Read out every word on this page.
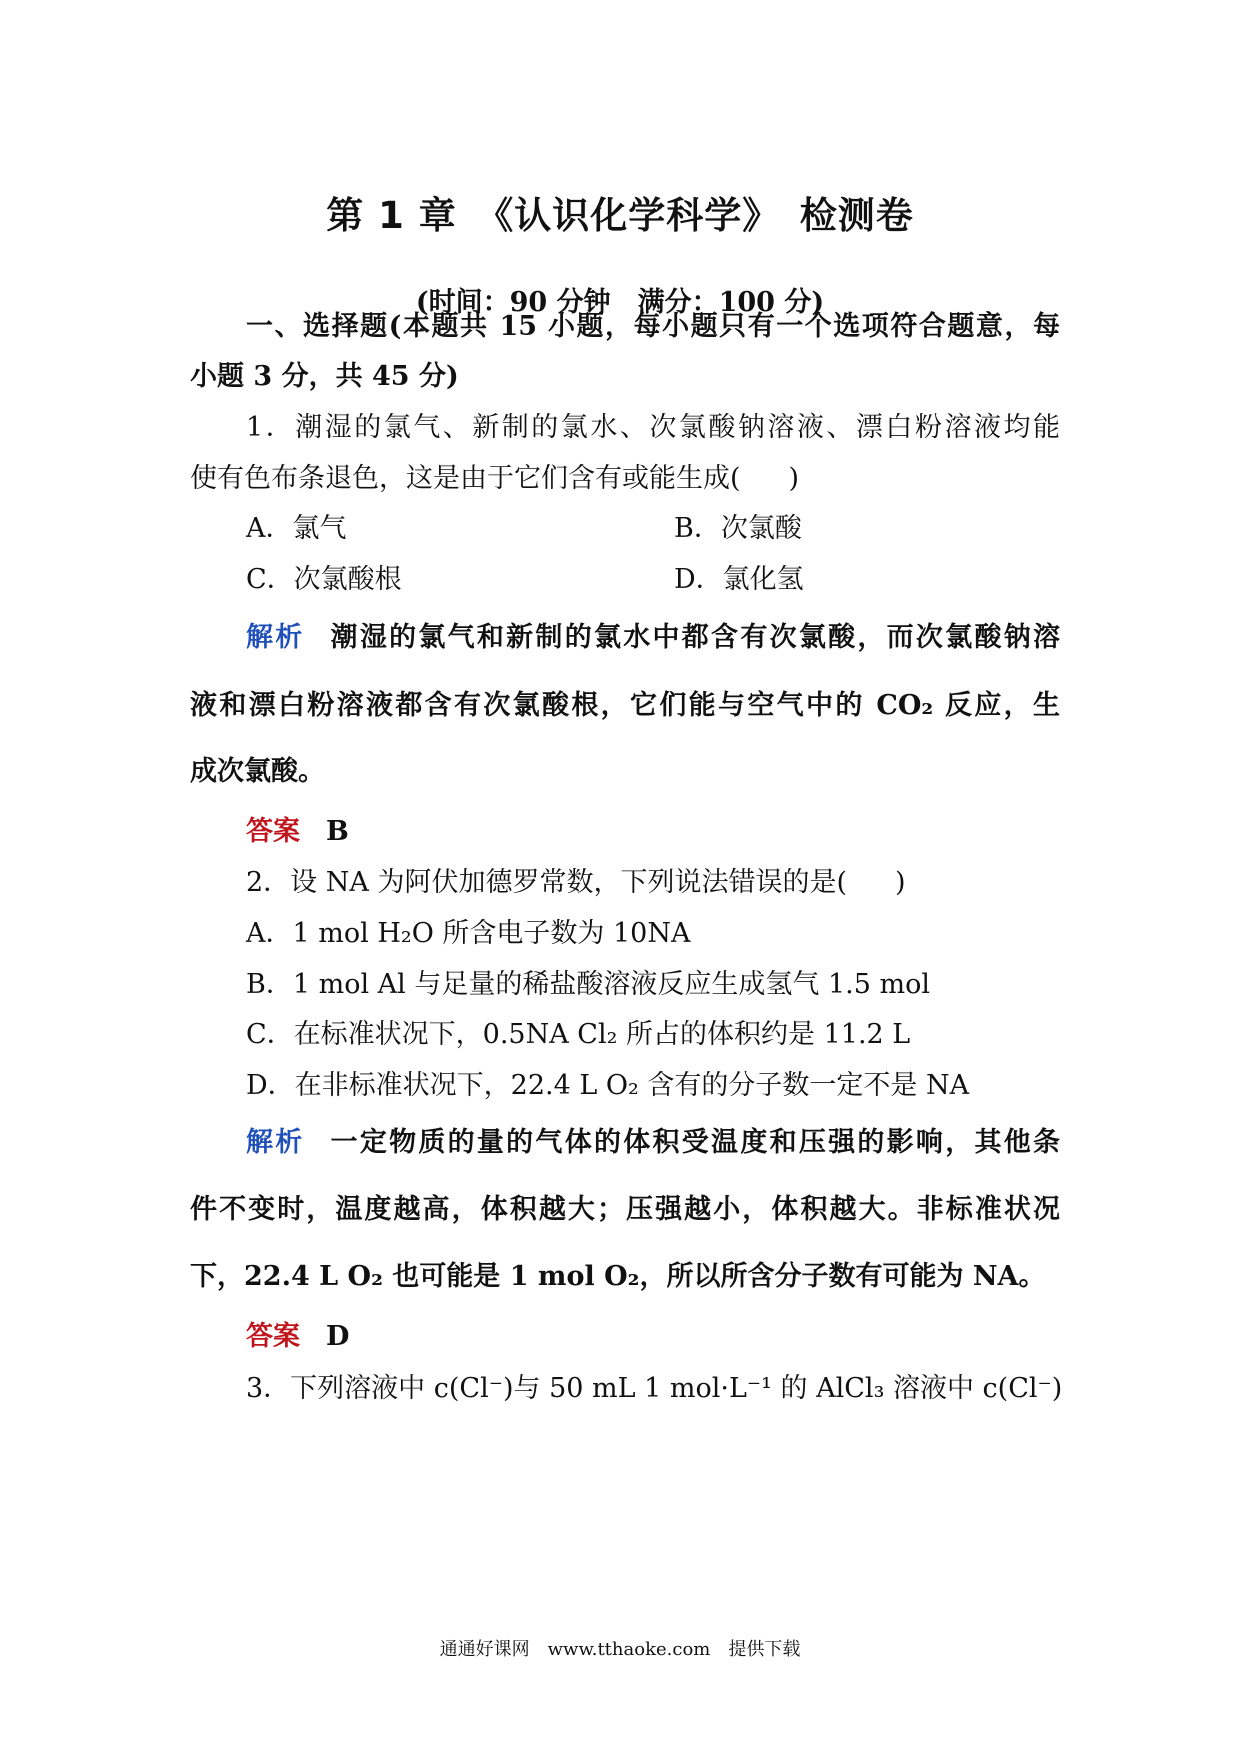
第 1 章　《认识化学科学》　检测卷
(时间：90 分钟　满分：100 分)
一、选择题(本题共 15 小题，每小题只有一个选项符合题意，每
小题 3 分，共 45 分)
1．潮湿的氯气、新制的氯水、次氯酸钠溶液、漂白粉溶液均能
使有色布条退色，这是由于它们含有或能生成( )
A．氯气	B．次氯酸
C．次氯酸根	D．氯化氢
解析 潮湿的氯气和新制的氯水中都含有次氯酸，而次氯酸钠溶
液和漂白粉溶液都含有次氯酸根，它们能与空气中的 CO₂ 反应，生
成次氯酸。
答案 B
2．设 NA 为阿伏加德罗常数，下列说法错误的是( )
A．1 mol H₂O 所含电子数为 10NA
B．1 mol Al 与足量的稀盐酸溶液反应生成氢气 1.5 mol
C．在标准状况下，0.5NA Cl₂ 所占的体积约是 11.2 L
D．在非标准状况下，22.4 L O₂ 含有的分子数一定不是 NA
解析 一定物质的量的气体的体积受温度和压强的影响，其他条
件不变时，温度越高，体积越大；压强越小，体积越大。非标准状况
下，22.4 L O₂ 也可能是 1 mol O₂，所以所含分子数有可能为 NA。
答案 D
3．下列溶液中 c(Cl⁻)与 50 mL 1 mol·L⁻¹ 的 AlCl₃ 溶液中 c(Cl⁻)
通通好课网　www.tthaoke.com　提供下载
